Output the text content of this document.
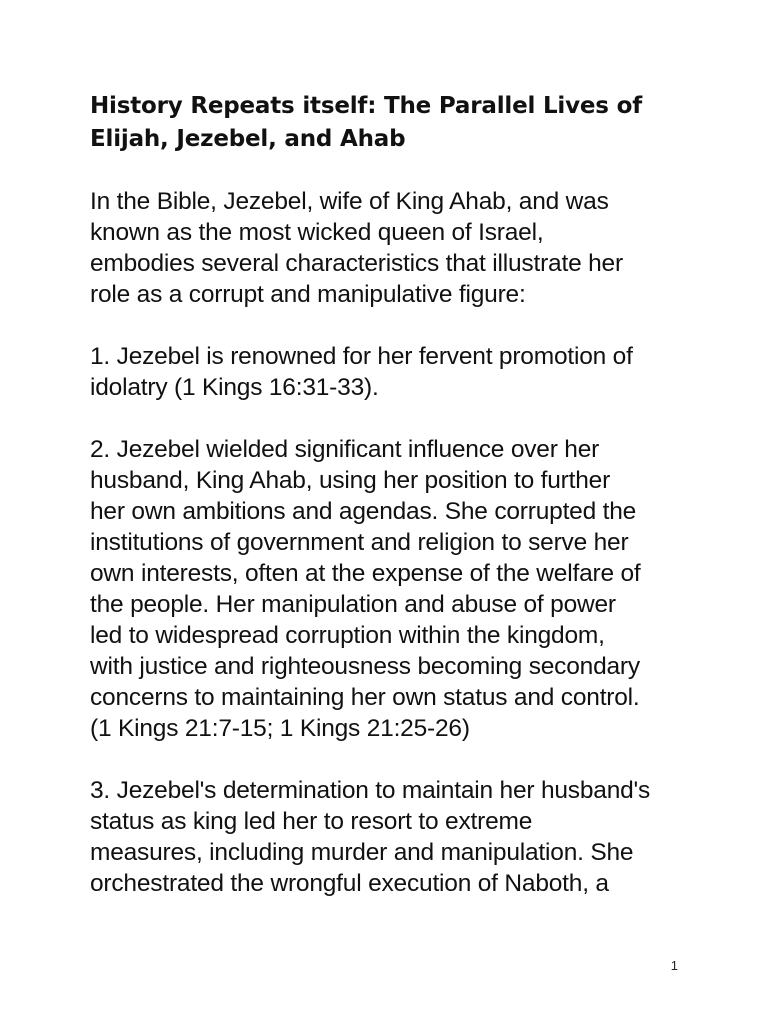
History Repeats itself: The Parallel Lives of
Elijah, Jezebel, and Ahab

In the Bible, Jezebel, wife of King Ahab, and was
known as the most wicked queen of Israel,
embodies several characteristics that illustrate her
role as a corrupt and manipulative figure:

1. Jezebel is renowned for her fervent promotion of
idolatry (1 Kings 16:31-33).

2. Jezebel wielded significant influence over her
husband, King Ahab, using her position to further
her own ambitions and agendas. She corrupted the
institutions of government and religion to serve her
own interests, often at the expense of the welfare of
the people. Her manipulation and abuse of power
led to widespread corruption within the kingdom,
with justice and righteousness becoming secondary
concerns to maintaining her own status and control.
(1 Kings 21:7-15; 1 Kings 21:25-26)

3. Jezebel's determination to maintain her husband's
status as king led her to resort to extreme
measures, including murder and manipulation. She
orchestrated the wrongful execution of Naboth, a

1
